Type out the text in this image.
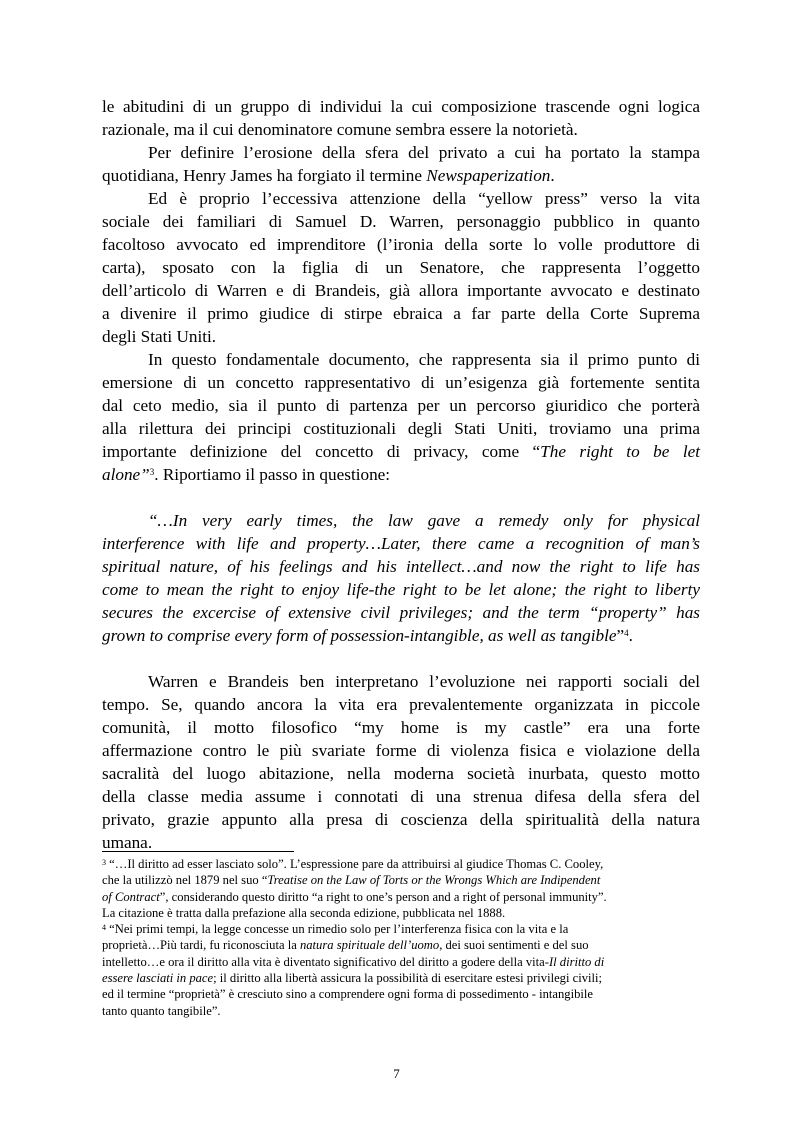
le abitudini di un gruppo di individui la cui composizione trascende ogni logica
razionale, ma il cui denominatore comune sembra essere la notorietà.
Per definire l’erosione della sfera del privato a cui ha portato la stampa
quotidiana, Henry James ha forgiato il termine Newspaperization.
Ed è proprio l’eccessiva attenzione della “yellow press” verso la vita
sociale dei familiari di Samuel D. Warren, personaggio pubblico in quanto
facoltoso avvocato ed imprenditore (l’ironia della sorte lo volle produttore di
carta), sposato con la figlia di un Senatore, che rappresenta l’oggetto
dell’articolo di Warren e di Brandeis, già allora importante avvocato e destinato
a divenire il primo giudice di stirpe ebraica a far parte della Corte Suprema
degli Stati Uniti.
In questo fondamentale documento, che rappresenta sia il primo punto di
emersione di un concetto rappresentativo di un’esigenza già fortemente sentita
dal ceto medio, sia il punto di partenza per un percorso giuridico che porterà
alla rilettura dei principi costituzionali degli Stati Uniti, troviamo una prima
importante definizione del concetto di privacy, come “The right to be let
alone”$^3$. Riportiamo il passo in questione:
“…In very early times, the law gave a remedy only for physical
interference with life and property…Later, there came a recognition of man’s
spiritual nature, of his feelings and his intellect…and now the right to life has
come to mean the right to enjoy life-the right to be let alone; the right to liberty
secures the excercise of extensive civil privileges; and the term “property” has
grown to comprise every form of possession-intangible, as well as tangible”$^4$.
Warren e Brandeis ben interpretano l’evoluzione nei rapporti sociali del
tempo. Se, quando ancora la vita era prevalentemente organizzata in piccole
comunità, il motto filosofico “my home is my castle” era una forte
affermazione contro le più svariate forme di violenza fisica e violazione della
sacralità del luogo abitazione, nella moderna società inurbata, questo motto
della classe media assume i connotati di una strenua difesa della sfera del
privato, grazie appunto alla presa di coscienza della spiritualità della natura
umana.
$^3$ “…Il diritto ad esser lasciato solo”. L’espressione pare da attribuirsi al giudice Thomas C. Cooley,
che la utilizzò nel 1879 nel suo “Treatise on the Law of Torts or the Wrongs Which are Indipendent
of Contract”, considerando questo diritto “a right to one’s person and a right of personal immunity”.
La citazione è tratta dalla prefazione alla seconda edizione, pubblicata nel 1888.
$^4$ “Nei primi tempi, la legge concesse un rimedio solo per l’interferenza fisica con la vita e la
proprietà…Più tardi, fu riconosciuta la natura spirituale dell’uomo, dei suoi sentimenti e del suo
intelletto…e ora il diritto alla vita è diventato significativo del diritto a godere della vita-Il diritto di
essere lasciati in pace; il diritto alla libertà assicura la possibilità di esercitare estesi privilegi civili;
ed il termine “proprietà” è cresciuto sino a comprendere ogni forma di possedimento - intangibile
tanto quanto tangibile”.
7
